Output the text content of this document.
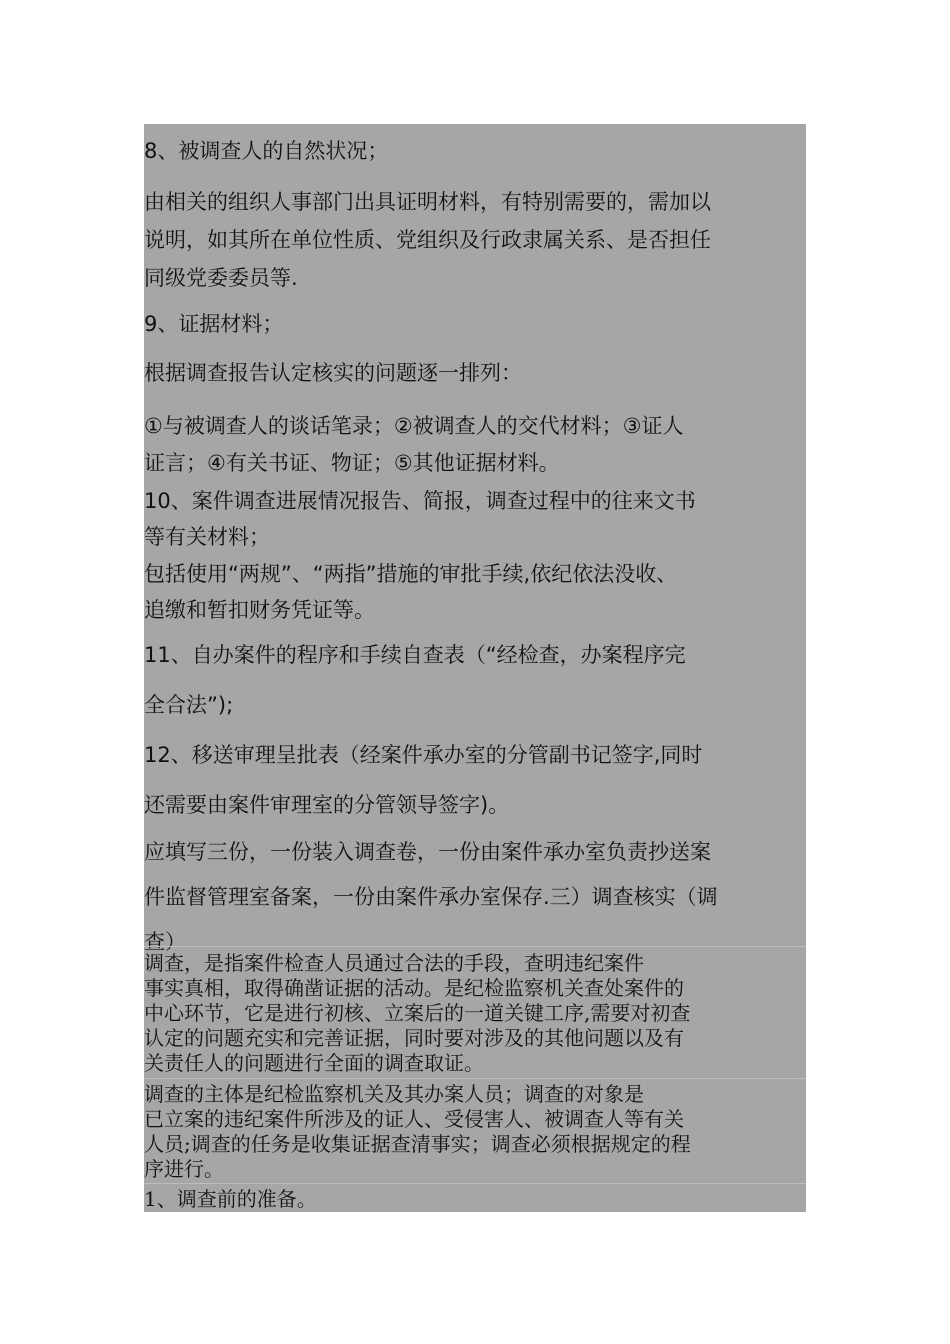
8、被调查人的自然状况；

由相关的组织人事部门出具证明材料，有特别需要的，需加以
说明，如其所在单位性质、党组织及行政隶属关系、是否担任
同级党委委员等.

9、证据材料；

根据调查报告认定核实的问题逐一排列：

①与被调查人的谈话笔录；②被调查人的交代材料；③证人
证言；④有关书证、物证；⑤其他证据材料。

10、案件调查进展情况报告、简报，调查过程中的往来文书
等有关材料；

包括使用“两规”、“两指”措施的审批手续,依纪依法没收、
追缴和暂扣财务凭证等。

11、自办案件的程序和手续自查表（“经检查，办案程序完
全合法”);

12、移送审理呈批表（经案件承办室的分管副书记签字,同时
还需要由案件审理室的分管领导签字)。

应填写三份，一份装入调查卷，一份由案件承办室负责抄送案
件监督管理室备案，一份由案件承办室保存.三）调查核实（调
查）

调查，是指案件检查人员通过合法的手段，查明违纪案件
事实真相，取得确凿证据的活动。是纪检监察机关查处案件的
中心环节，它是进行初核、立案后的一道关键工序,需要对初查
认定的问题充实和完善证据，同时要对涉及的其他问题以及有
关责任人的问题进行全面的调查取证。

调查的主体是纪检监察机关及其办案人员；调查的对象是
已立案的违纪案件所涉及的证人、受侵害人、被调查人等有关
人员;调查的任务是收集证据查清事实；调查必须根据规定的程
序进行。

1、调查前的准备。
